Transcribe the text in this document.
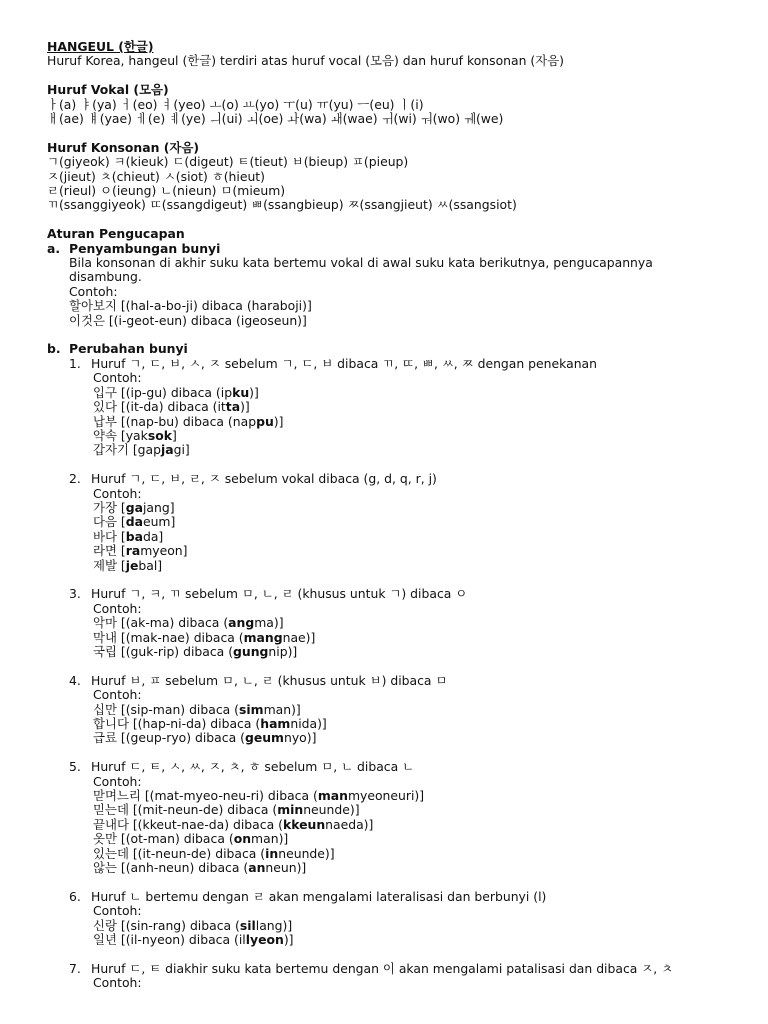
HANGEUL (한글)
Huruf Korea, hangeul (한글) terdiri atas huruf vocal (모음) dan huruf konsonan (자음)
Huruf Vokal (모음)
ㅏ(a) ㅑ(ya) ㅓ(eo) ㅕ(yeo) ㅗ(o) ㅛ(yo) ㅜ(u) ㅠ(yu) ㅡ(eu) ㅣ(i)
ㅐ(ae) ㅒ(yae) ㅔ(e) ㅖ(ye) ㅢ(ui) ㅚ(oe) ㅘ(wa) ㅙ(wae) ㅟ(wi) ㅝ(wo) ㅞ(we)
Huruf Konsonan (자음)
ㄱ(giyeok) ㅋ(kieuk) ㄷ(digeut) ㅌ(tieut) ㅂ(bieup) ㅍ(pieup)
ㅈ(jieut) ㅊ(chieut) ㅅ(siot) ㅎ(hieut)
ㄹ(rieul) ㅇ(ieung) ㄴ(nieun) ㅁ(mieum)
ㄲ(ssanggiyeok) ㄸ(ssangdigeut) ㅃ(ssangbieup) ㅉ(ssangjieut) ㅆ(ssangsiot)
Aturan Pengucapan
a. Penyambungan bunyi
Bila konsonan di akhir suku kata bertemu vokal di awal suku kata berikutnya, pengucapannya
disambung.
Contoh:
할아보지 [(hal-a-bo-ji) dibaca (haraboji)]
이것은 [(i-geot-eun) dibaca (igeoseun)]
b. Perubahan bunyi
1. Huruf ㄱ, ㄷ, ㅂ, ㅅ, ㅈ sebelum ㄱ, ㄷ, ㅂ dibaca ㄲ, ㄸ, ㅃ, ㅆ, ㅉ dengan penekanan
Contoh:
입구 [(ip-gu) dibaca (ipku)]
있다 [(it-da) dibaca (itta)]
납부 [(nap-bu) dibaca (nappu)]
약속 [yaksok]
갑자기 [gapjagi]
2. Huruf ㄱ, ㄷ, ㅂ, ㄹ, ㅈ sebelum vokal dibaca (g, d, q, r, j)
Contoh:
가장 [gajang]
다음 [daeum]
바다 [bada]
라면 [ramyeon]
제발 [jebal]
3. Huruf ㄱ, ㅋ, ㄲ sebelum ㅁ, ㄴ, ㄹ (khusus untuk ㄱ) dibaca ㅇ
Contoh:
악마 [(ak-ma) dibaca (angma)]
막내 [(mak-nae) dibaca (mangnae)]
국립 [(guk-rip) dibaca (gungnip)]
4. Huruf ㅂ, ㅍ sebelum ㅁ, ㄴ, ㄹ (khusus untuk ㅂ) dibaca ㅁ
Contoh:
십만 [(sip-man) dibaca (simman)]
합니다 [(hap-ni-da) dibaca (hamnida)]
급료 [(geup-ryo) dibaca (geumnyo)]
5. Huruf ㄷ, ㅌ, ㅅ, ㅆ, ㅈ, ㅊ, ㅎ sebelum ㅁ, ㄴ dibaca ㄴ
Contoh:
맏며느리 [(mat-myeo-neu-ri) dibaca (manmyeoneuri)]
믿는데 [(mit-neun-de) dibaca (minneunde)]
끝내다 [(kkeut-nae-da) dibaca (kkeunnaeda)]
옷만 [(ot-man) dibaca (onman)]
있는데 [(it-neun-de) dibaca (inneunde)]
않는 [(anh-neun) dibaca (anneun)]
6. Huruf ㄴ bertemu dengan ㄹ akan mengalami lateralisasi dan berbunyi (l)
Contoh:
신랑 [(sin-rang) dibaca (sillang)]
일년 [(il-nyeon) dibaca (illyeon)]
7. Huruf ㄷ, ㅌ diakhir suku kata bertemu dengan 이 akan mengalami patalisasi dan dibaca ㅈ, ㅊ
Contoh:
